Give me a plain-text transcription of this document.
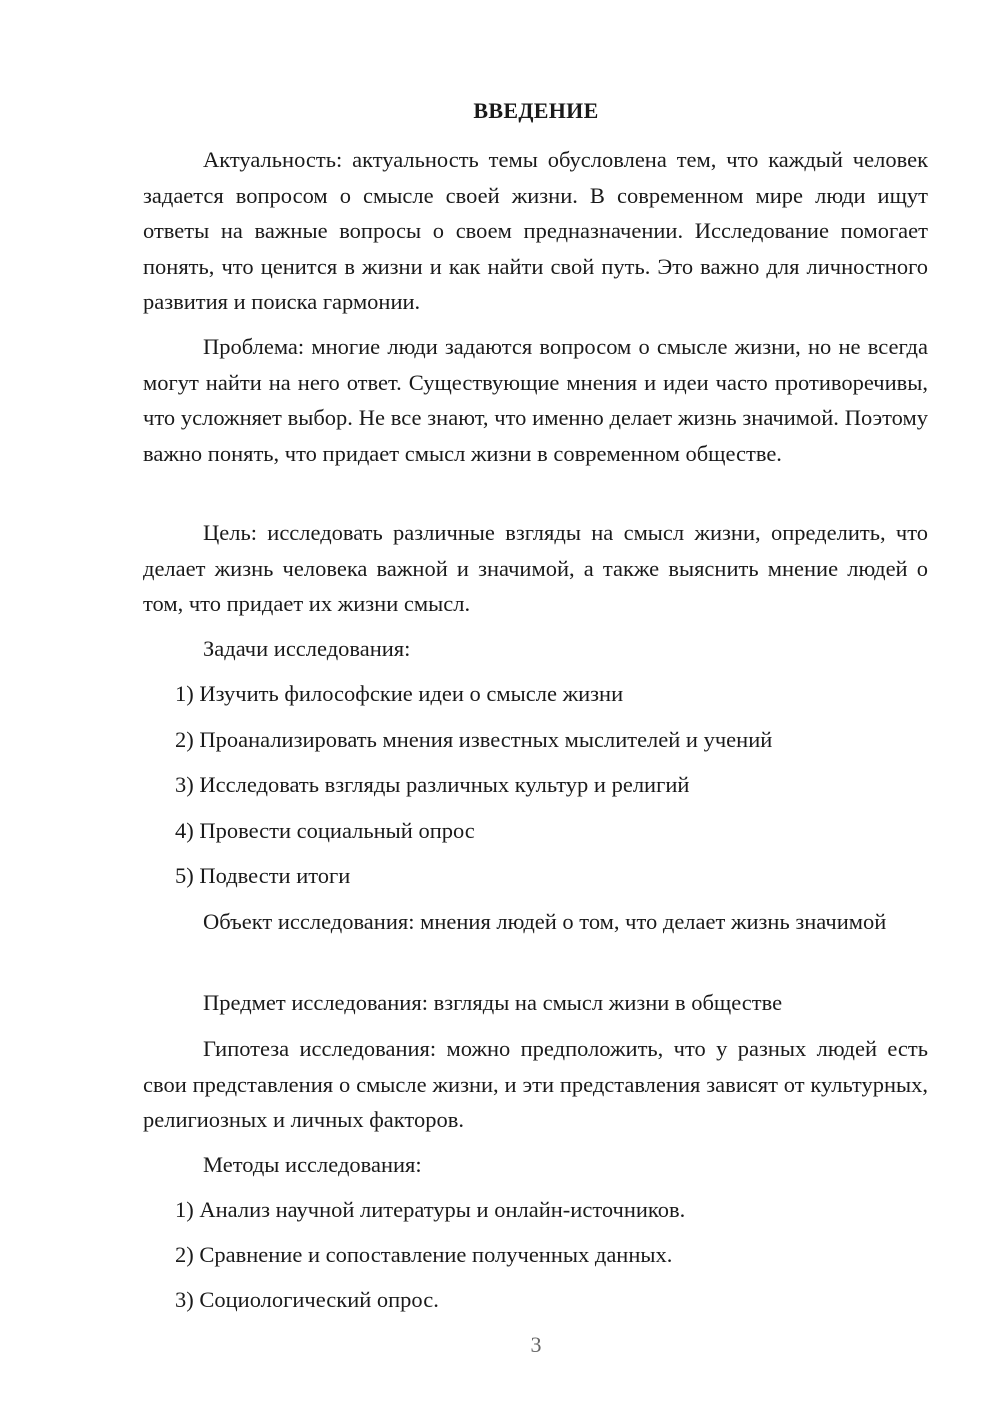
ВВЕДЕНИЕ

Актуальность: актуальность темы обусловлена тем, что каждый человек задается вопросом о смысле своей жизни. В современном мире люди ищут ответы на важные вопросы о своем предназначении. Исследование помогает понять, что ценится в жизни и как найти свой путь. Это важно для личностного развития и поиска гармонии.

Проблема: многие люди задаются вопросом о смысле жизни, но не всегда могут найти на него ответ. Существующие мнения и идеи часто противоречивы, что усложняет выбор. Не все знают, что именно делает жизнь значимой. Поэтому важно понять, что придает смысл жизни в современном обществе.

Цель: исследовать различные взгляды на смысл жизни, определить, что делает жизнь человека важной и значимой, а также выяснить мнение людей о том, что придает их жизни смысл.

Задачи исследования:
1) Изучить философские идеи о смысле жизни
2) Проанализировать мнения известных мыслителей и учений
3) Исследовать взгляды различных культур и религий
4) Провести социальный опрос
5) Подвести итоги

Объект исследования: мнения людей о том, что делает жизнь значимой

Предмет исследования: взгляды на смысл жизни в обществе

Гипотеза исследования: можно предположить, что у разных людей есть свои представления о смысле жизни, и эти представления зависят от культурных, религиозных и личных факторов.

Методы исследования:
1) Анализ научной литературы и онлайн-источников.
2) Сравнение и сопоставление полученных данных.
3) Социологический опрос.
3
